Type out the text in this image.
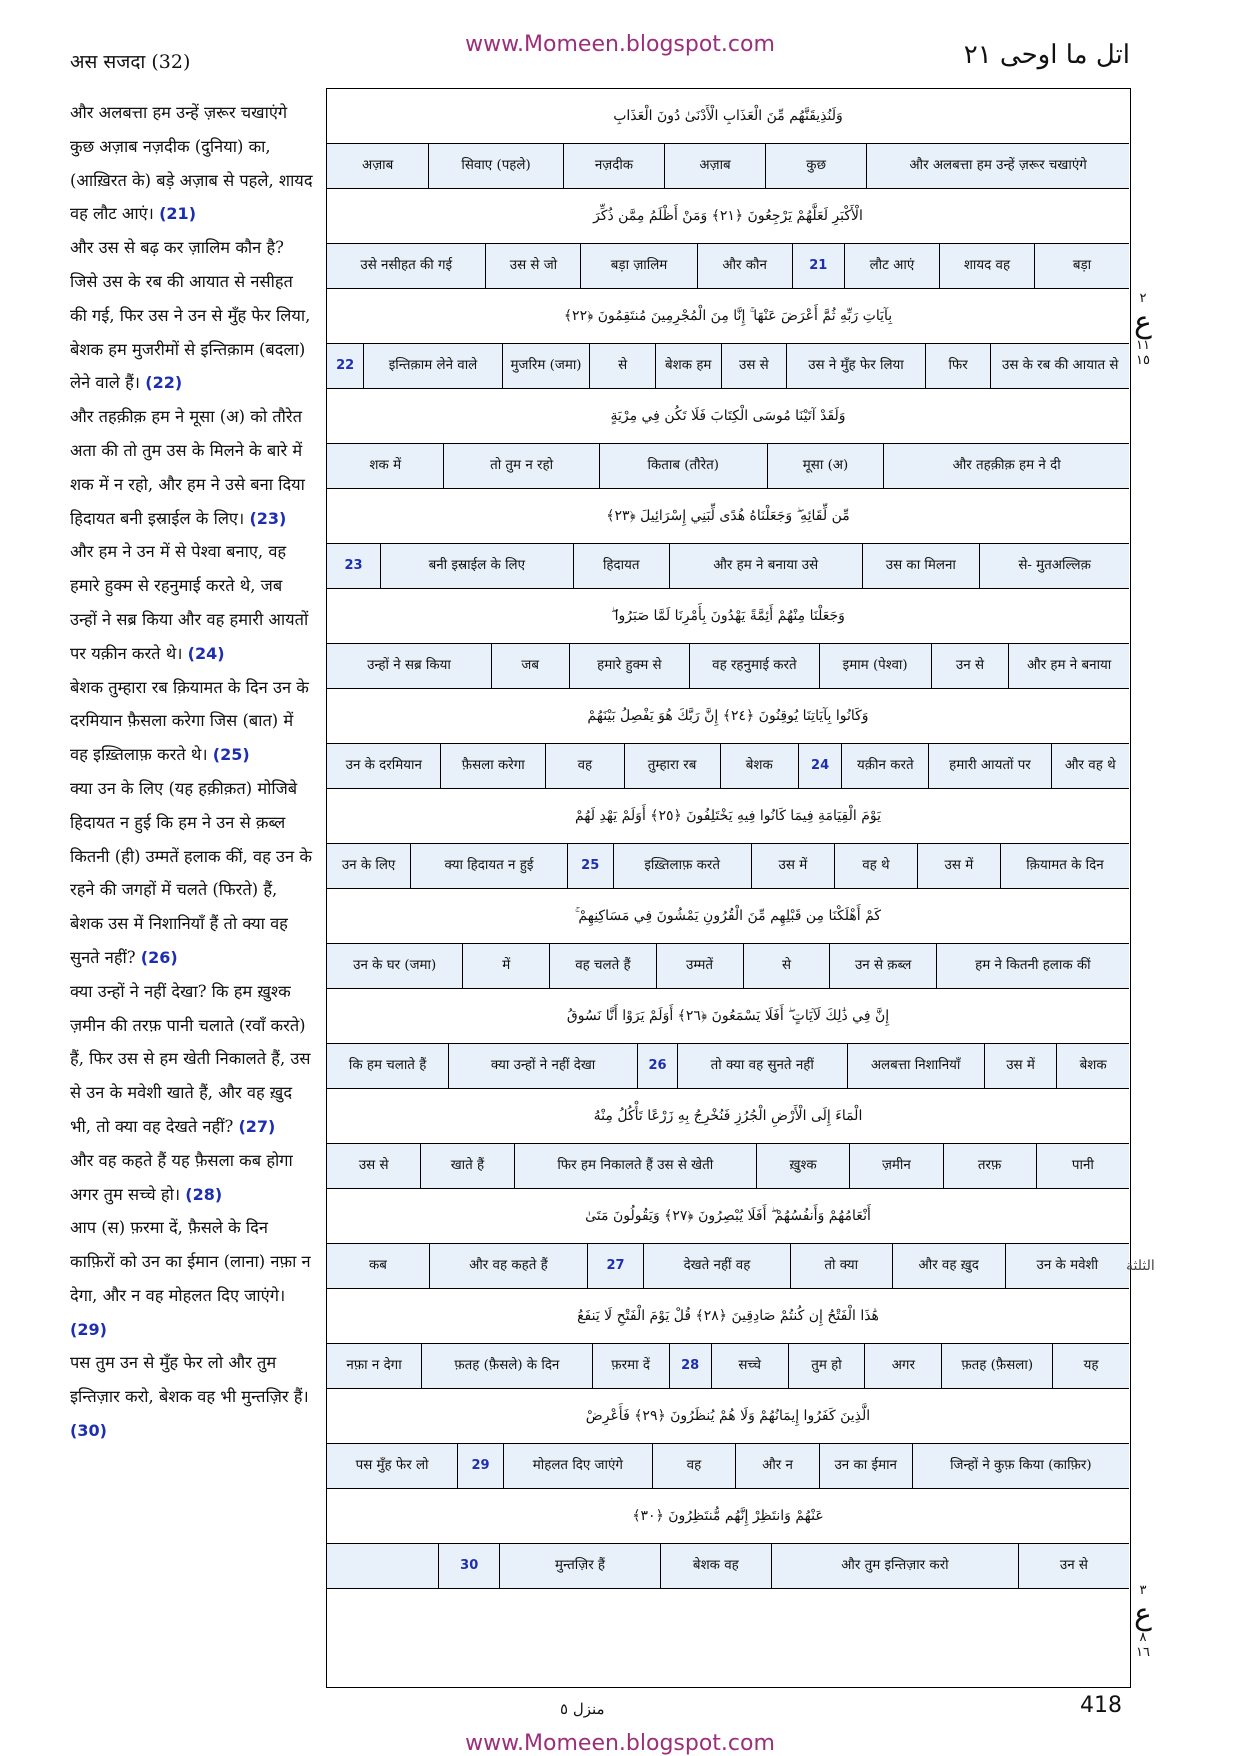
अस सजदा (32)
www.Momeen.blogspot.com	اتل ما اوحی ٢١
और अलबत्ता हम उन्हें ज़रूर चखाएंगे कुछ अज़ाब नज़दीक (दुनिया) का, (आख़िरत के) बड़े अज़ाब से पहले, शायद वह लौट आएं। (21)
और उस से बढ़ कर ज़ालिम कौन है? जिसे उस के रब की आयात से नसीहत की गई, फिर उस ने उन से मुँह फेर लिया, बेशक हम मुजरीमों से इन्तिक़ाम (बदला) लेने वाले हैं। (22)
और तहक़ीक़ हम ने मूसा (अ) को तौरेत अता की तो तुम उस के मिलने के बारे में शक में न रहो, और हम ने उसे बना दिया हिदायत बनी इस्राईल के लिए। (23)
और हम ने उन में से पेश्वा बनाए, वह हमारे हुक्म से रहनुमाई करते थे, जब उन्हों ने सब्र किया और वह हमारी आयतों पर यक़ीन करते थे। (24)
बेशक तुम्हारा रब क़ियामत के दिन उन के दरमियान फ़ैसला करेगा जिस (बात) में वह इख़्तिलाफ़ करते थे। (25)
क्या उन के लिए (यह हक़ीक़त) मोजिबे हिदायत न हुई कि हम ने उन से क़ब्ल कितनी (ही) उम्मतें हलाक कीं, वह उन के रहने की जगहों में चलते (फिरते) हैं, बेशक उस में निशानियाँ हैं तो क्या वह सुनते नहीं? (26)
क्या उन्हों ने नहीं देखा? कि हम ख़ुश्क ज़मीन की तरफ़ पानी चलाते (रवाँ करते) हैं, फिर उस से हम खेती निकालते हैं, उस से उन के मवेशी खाते हैं, और वह ख़ुद भी, तो क्या वह देखते नहीं? (27)
और वह कहते हैं यह फ़ैसला कब होगा अगर तुम सच्चे हो। (28)
आप (स) फ़रमा दें, फ़ैसले के दिन काफ़िरों को उन का ईमान (लाना) नफ़ा न देगा, और न वह मोहलत दिए जाएंगे। (29)
पस तुम उन से मुँह फेर लो और तुम इन्तिज़ार करो, बेशक वह भी मुन्तज़िर हैं। (30)
وَلَنُذِيقَنَّهُم مِّنَ الْعَذَابِ الْأَدْنَىٰ دُونَ الْعَذَابِ
और अलबत्ता हम उन्हें ज़रूर चखाएंगे
कुछ
अज़ाब
नज़दीक
सिवाए (पहले)
अज़ाब
الْأَكْبَرِ لَعَلَّهُمْ يَرْجِعُونَ ﴿٢١﴾ وَمَنْ أَظْلَمُ مِمَّن ذُكِّرَ
बड़ा
शायद वह
लौट आएं
21
और कौन
बड़ा ज़ालिम
उस से जो
उसे नसीहत की गई
بِآيَاتِ رَبِّهِ ثُمَّ أَعْرَضَ عَنْهَا ۚ إِنَّا مِنَ الْمُجْرِمِينَ مُنتَقِمُونَ ﴿٢٢﴾
उस के रब की आयात से
फिर
उस ने मुँह फेर लिया
उस से
बेशक हम
से
मुजरिम (जमा)
इन्तिक़ाम लेने वाले
22
وَلَقَدْ آتَيْنَا مُوسَى الْكِتَابَ فَلَا تَكُن فِي مِرْيَةٍ
और तहक़ीक़ हम ने दी
मूसा (अ)
किताब (तौरेत)
तो तुम न रहो
शक में
مِّن لِّقَائِهِ ۖ وَجَعَلْنَاهُ هُدًى لِّبَنِي إِسْرَائِيلَ ﴿٢٣﴾
से- मुतअल्लिक़
उस का मिलना
और हम ने बनाया उसे
हिदायत
बनी इस्राईल के लिए
23
وَجَعَلْنَا مِنْهُمْ أَئِمَّةً يَهْدُونَ بِأَمْرِنَا لَمَّا صَبَرُوا ۖ
और हम ने बनाया
उन से
इमाम (पेश्वा)
वह रहनुमाई करते
हमारे हुक्म से
जब
उन्हों ने सब्र किया
وَكَانُوا بِآيَاتِنَا يُوقِنُونَ ﴿٢٤﴾ إِنَّ رَبَّكَ هُوَ يَفْصِلُ بَيْنَهُمْ
और वह थे
हमारी आयतों पर
यक़ीन करते
24
बेशक
तुम्हारा रब
वह
फ़ैसला करेगा
उन के दरमियान
يَوْمَ الْقِيَامَةِ فِيمَا كَانُوا فِيهِ يَخْتَلِفُونَ ﴿٢٥﴾ أَوَلَمْ يَهْدِ لَهُمْ
क़ियामत के दिन
उस में
वह थे
उस में
इख़्तिलाफ़ करते
25
क्या हिदायत न हुई
उन के लिए
كَمْ أَهْلَكْنَا مِن قَبْلِهِم مِّنَ الْقُرُونِ يَمْشُونَ فِي مَسَاكِنِهِمْ ۚ
हम ने कितनी हलाक कीं
उन से क़ब्ल
से
उम्मतें
वह चलते हैं
में
उन के घर (जमा)
إِنَّ فِي ذَٰلِكَ لَآيَاتٍ ۖ أَفَلَا يَسْمَعُونَ ﴿٢٦﴾ أَوَلَمْ يَرَوْا أَنَّا نَسُوقُ
बेशक
उस में
अलबत्ता निशानियाँ
तो क्या वह सुनते नहीं
26
क्या उन्हों ने नहीं देखा
कि हम चलाते हैं
الْمَاءَ إِلَى الْأَرْضِ الْجُرُزِ فَنُخْرِجُ بِهِ زَرْعًا تَأْكُلُ مِنْهُ
पानी
तरफ़
ज़मीन
ख़ुश्क
फिर हम निकालते हैं उस से खेती
खाते हैं
उस से
أَنْعَامُهُمْ وَأَنفُسُهُمْ ۖ أَفَلَا يُبْصِرُونَ ﴿٢٧﴾ وَيَقُولُونَ مَتَىٰ
उन के मवेशी
और वह ख़ुद
तो क्या
देखते नहीं वह
27
और वह कहते हैं
कब
هَٰذَا الْفَتْحُ إِن كُنتُمْ صَادِقِينَ ﴿٢٨﴾ قُلْ يَوْمَ الْفَتْحِ لَا يَنفَعُ
यह
फ़तह (फ़ैसला)
अगर
तुम हो
सच्चे
28
फ़रमा दें
फ़तह (फ़ैसले) के दिन
नफ़ा न देगा
الَّذِينَ كَفَرُوا إِيمَانُهُمْ وَلَا هُمْ يُنظَرُونَ ﴿٢٩﴾ فَأَعْرِضْ
जिन्हों ने कुफ़ किया (काफ़िर)
उन का ईमान
और न
वह
मोहलत दिए जाएंगे
29
पस मुँह फेर लो
عَنْهُمْ وَانتَظِرْ إِنَّهُم مُّنتَظِرُونَ ﴿٣٠﴾
उन से
और तुम इन्तिज़ार करो
बेशक वह
मुन्तज़िर हैं
30
٢
ع
١١
١٥
الثلثة
٣
ع
٨
١٦
منزل ٥	418
www.Momeen.blogspot.com
